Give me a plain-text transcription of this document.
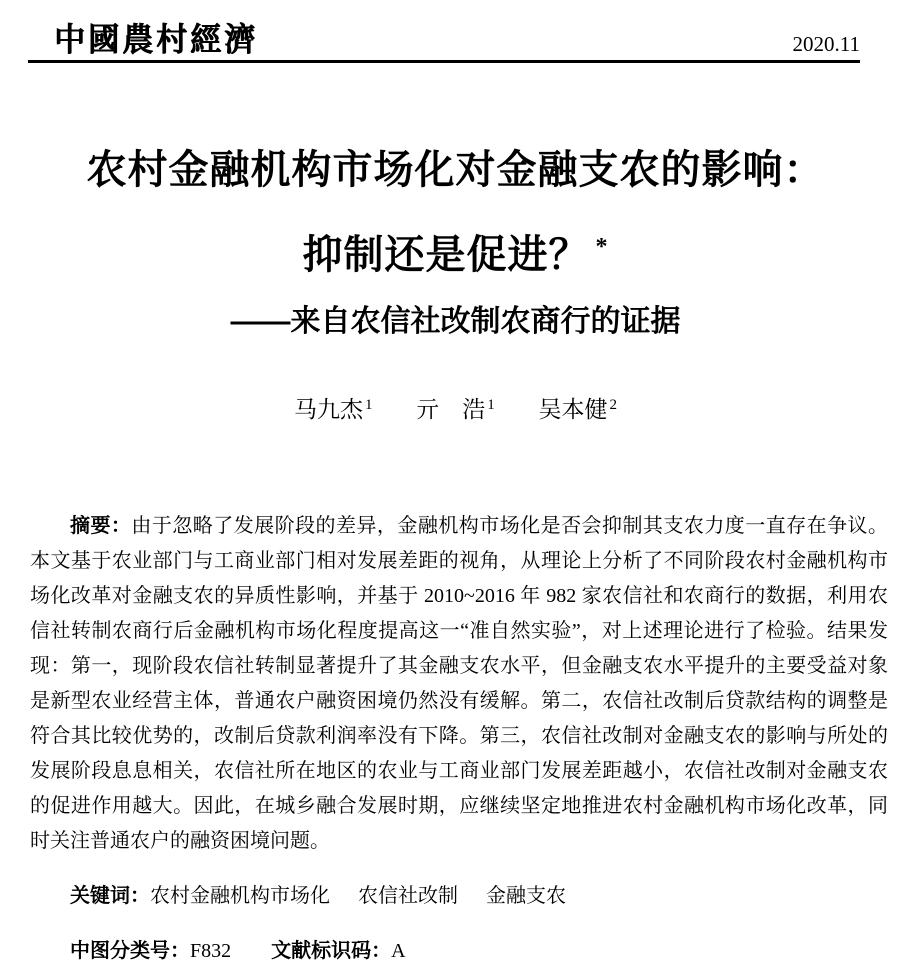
中國農村經濟	2020.11
农村金融机构市场化对金融支农的影响：
抑制还是促进？ *
——来自农信社改制农商行的证据
马九杰 $^1$ 亓　浩 $^1$ 吴本健 $^2$

摘要：由于忽略了发展阶段的差异，金融机构市场化是否会抑制其支农力度一直存在争议。本文基于农业部门与工商业部门相对发展差距的视角，从理论上分析了不同阶段农村金融机构市场化改革对金融支农的异质性影响，并基于 2010~2016 年 982 家农信社和农商行的数据，利用农信社转制农商行后金融机构市场化程度提高这一“准自然实验”，对上述理论进行了检验。结果发现：第一，现阶段农信社转制显著提升了其金融支农水平，但金融支农水平提升的主要受益对象是新型农业经营主体，普通农户融资困境仍然没有缓解。第二，农信社改制后贷款结构的调整是符合其比较优势的，改制后贷款利润率没有下降。第三，农信社改制对金融支农的影响与所处的发展阶段息息相关，农信社所在地区的农业与工商业部门发展差距越小，农信社改制对金融支农的促进作用越大。因此，在城乡融合发展时期，应继续坚定地推进农村金融机构市场化改革，同时关注普通农户的融资困境问题。

关键词：农村金融机构市场化 农信社改制 金融支农

中图分类号：F832 文献标识码：A
